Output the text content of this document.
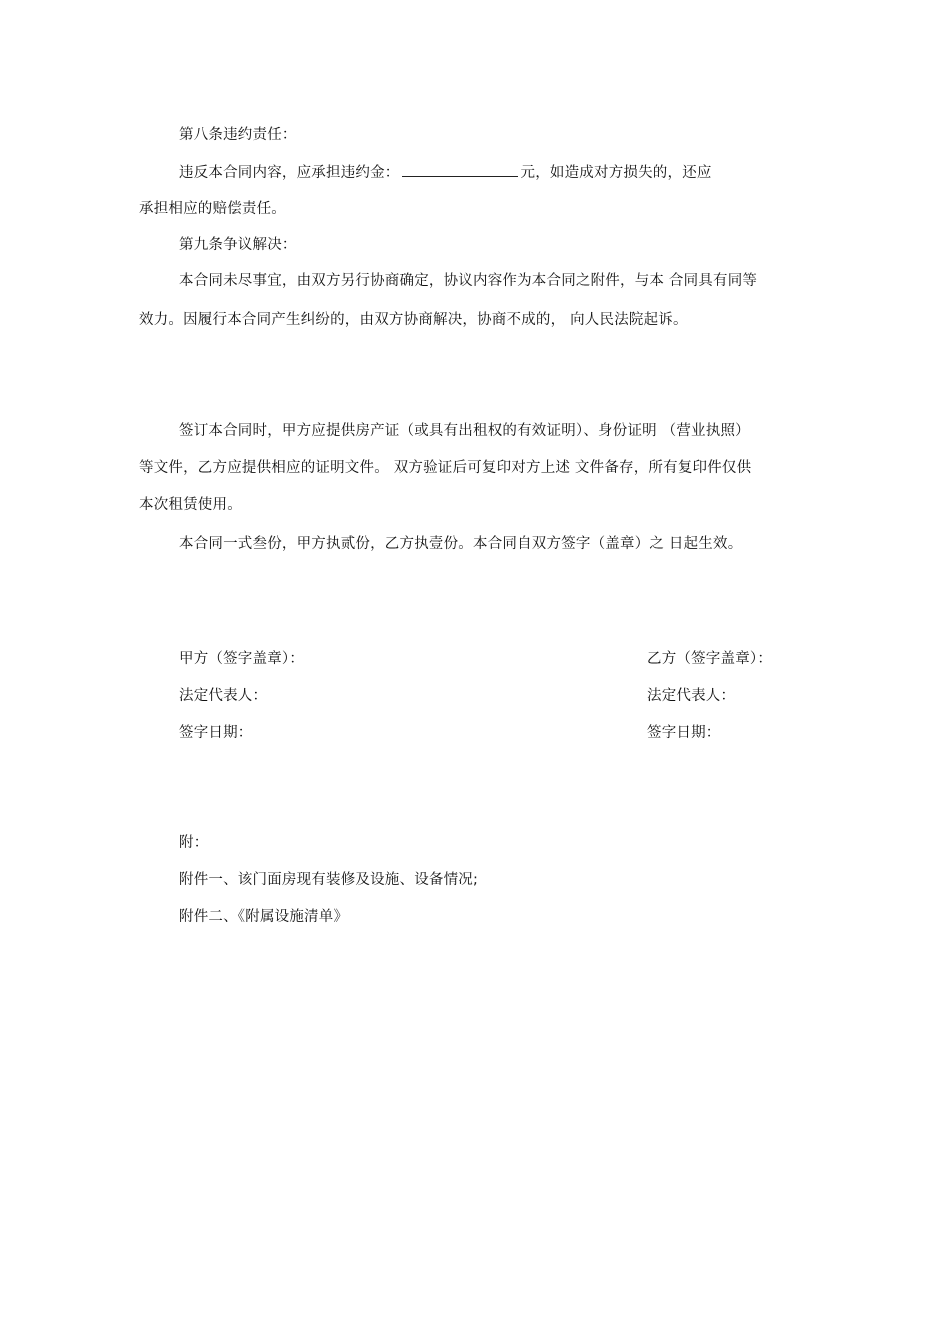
第八条违约责任：
违反本合同内容，应承担违约金：	元，如造成对方损失的，还应
承担相应的赔偿责任。
第九条争议解决：
本合同未尽事宜，由双方另行协商确定，协议内容作为本合同之附件，与本 合同具有同等
效力。因履行本合同产生纠纷的，由双方协商解决，协商不成的， 向人民法院起诉。
签订本合同时，甲方应提供房产证（或具有出租权的有效证明）、身份证明 （营业执照）
等文件，乙方应提供相应的证明文件。 双方验证后可复印对方上述 文件备存，所有复印件仅供
本次租赁使用。
本合同一式叁份，甲方执贰份，乙方执壹份。本合同自双方签字（盖章）之 日起生效。
甲方（签字盖章）：	乙方（签字盖章）：
法定代表人：	法定代表人：
签字日期：	签字日期：
附：
附件一、该门面房现有装修及设施、设备情况;
附件二、《附属设施清单》
